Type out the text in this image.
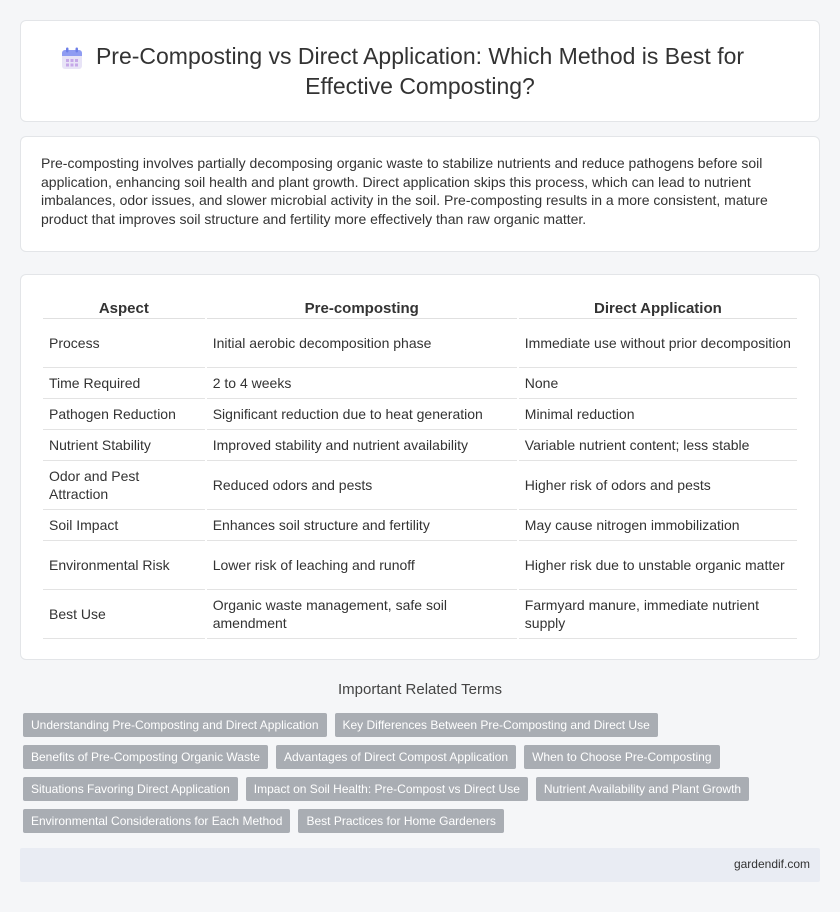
Pre-Composting vs Direct Application: Which Method is Best for Effective Composting?

Pre-composting involves partially decomposing organic waste to stabilize nutrients and reduce pathogens before soil application, enhancing soil health and plant growth. Direct application skips this process, which can lead to nutrient imbalances, odor issues, and slower microbial activity in the soil. Pre-composting results in a more consistent, mature product that improves soil structure and fertility more effectively than raw organic matter.

Aspect	Pre-composting	Direct Application
Process	Initial aerobic decomposition phase	Immediate use without prior decomposition
Time Required	2 to 4 weeks	None
Pathogen Reduction	Significant reduction due to heat generation	Minimal reduction
Nutrient Stability	Improved stability and nutrient availability	Variable nutrient content; less stable
Odor and Pest Attraction	Reduced odors and pests	Higher risk of odors and pests
Soil Impact	Enhances soil structure and fertility	May cause nitrogen immobilization
Environmental Risk	Lower risk of leaching and runoff	Higher risk due to unstable organic matter
Best Use	Organic waste management, safe soil amendment	Farmyard manure, immediate nutrient supply
Important Related Terms
Understanding Pre-Composting and Direct Application	Key Differences Between Pre-Composting and Direct Use
Benefits of Pre-Composting Organic Waste	Advantages of Direct Compost Application	When to Choose Pre-Composting
Situations Favoring Direct Application	Impact on Soil Health: Pre-Compost vs Direct Use	Nutrient Availability and Plant Growth
Environmental Considerations for Each Method	Best Practices for Home Gardeners
gardendif.com
